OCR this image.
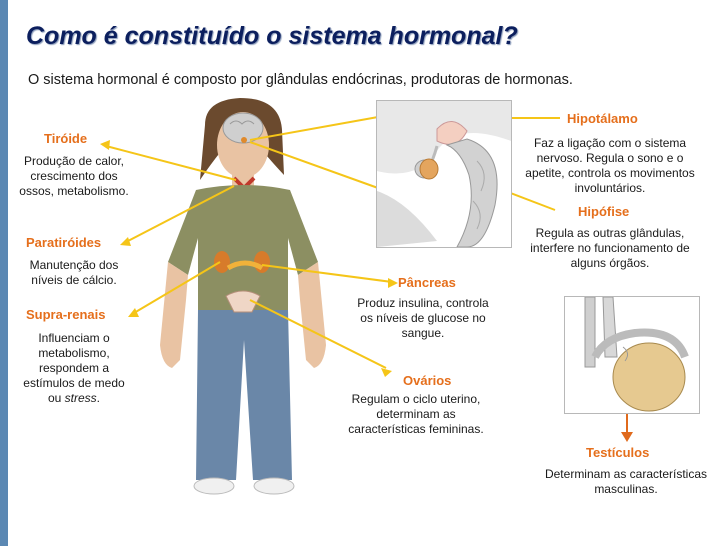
Como é constituído o sistema hormonal?
O sistema hormonal é composto por glândulas endócrinas, produtoras de hormonas.
Tiróide
Produção de calor, crescimento dos ossos, metabolismo.
Paratiróides
Manutenção dos níveis de cálcio.
Supra-renais
Influenciam o metabolismo, respondem a estímulos de medo ou stress.
Pâncreas
Produz insulina, controla os níveis de glucose no sangue.
Ovários
Regulam o ciclo uterino, determinam as características femininas.
Hipotálamo
Faz a ligação com o sistema nervoso. Regula o sono e o apetite, controla os movimentos involuntários.
Hipófise
Regula as outras glândulas, interfere no funcionamento de alguns órgãos.
Testículos
Determinam as características masculinas.
